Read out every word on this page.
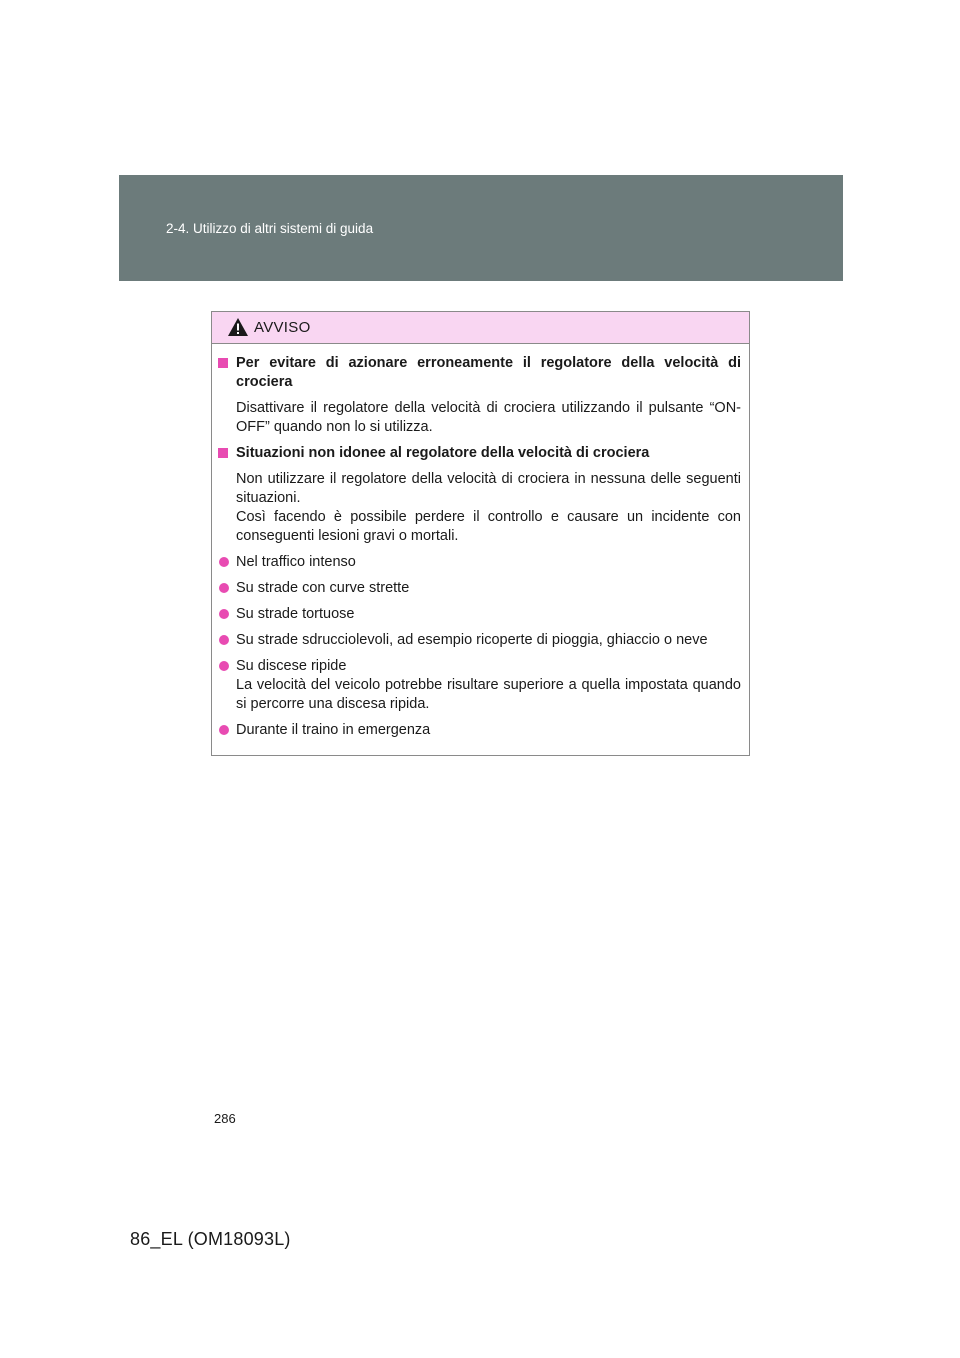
2-4. Utilizzo di altri sistemi di guida
AVVISO
Per evitare di azionare erroneamente il regolatore della velocità di crociera
Disattivare il regolatore della velocità di crociera utilizzando il pulsante “ON-OFF” quando non lo si utilizza.
Situazioni non idonee al regolatore della velocità di crociera
Non utilizzare il regolatore della velocità di crociera in nessuna delle seguenti situazioni.
Così facendo è possibile perdere il controllo e causare un incidente con conseguenti lesioni gravi o mortali.
Nel traffico intenso
Su strade con curve strette
Su strade tortuose
Su strade sdrucciolevoli, ad esempio ricoperte di pioggia, ghiaccio o neve
Su discese ripide
La velocità del veicolo potrebbe risultare superiore a quella impostata quando si percorre una discesa ripida.
Durante il traino in emergenza
286
86_EL (OM18093L)
